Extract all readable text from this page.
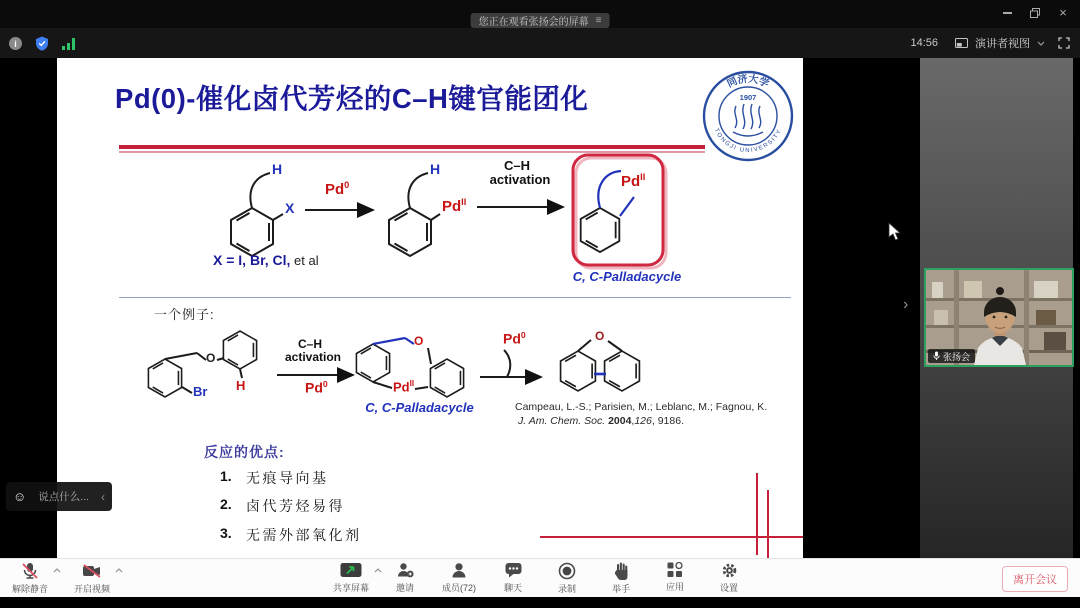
您正在观看张扬会的屏幕 ≡
×
i	14:56	演讲者视图
Pd(0)-催化卤代芳烃的C–H键官能团化
同济大学
TONGJI UNIVERSITY
1907
H
X
Pd$^0$
H
$Pd^{II}$
C–H
activation	$Pd^{II}$
X = I, Br, Cl, et al
C, C-Palladacycle
一个例子:
Br H
O
C–H
activation
Pd$^0$
O
$Pd^{II}$
C, C-Palladacycle
Pd$^0$	O
Campeau, L.-S.; Parisien, M.; Leblanc, M.; Fagnou, K.
J. Am. Chem. Soc. 2004,126, 9186.
反应的优点:
1.	无痕导向基
2.	卤代芳烃易得
3.	无需外部氧化剂
›
张扬会
☺ 说点什么... ‹
解除静音	开启视频	共享屏幕	邀请	成员(72)	聊天	录制	举手	应用	设置
离开会议
